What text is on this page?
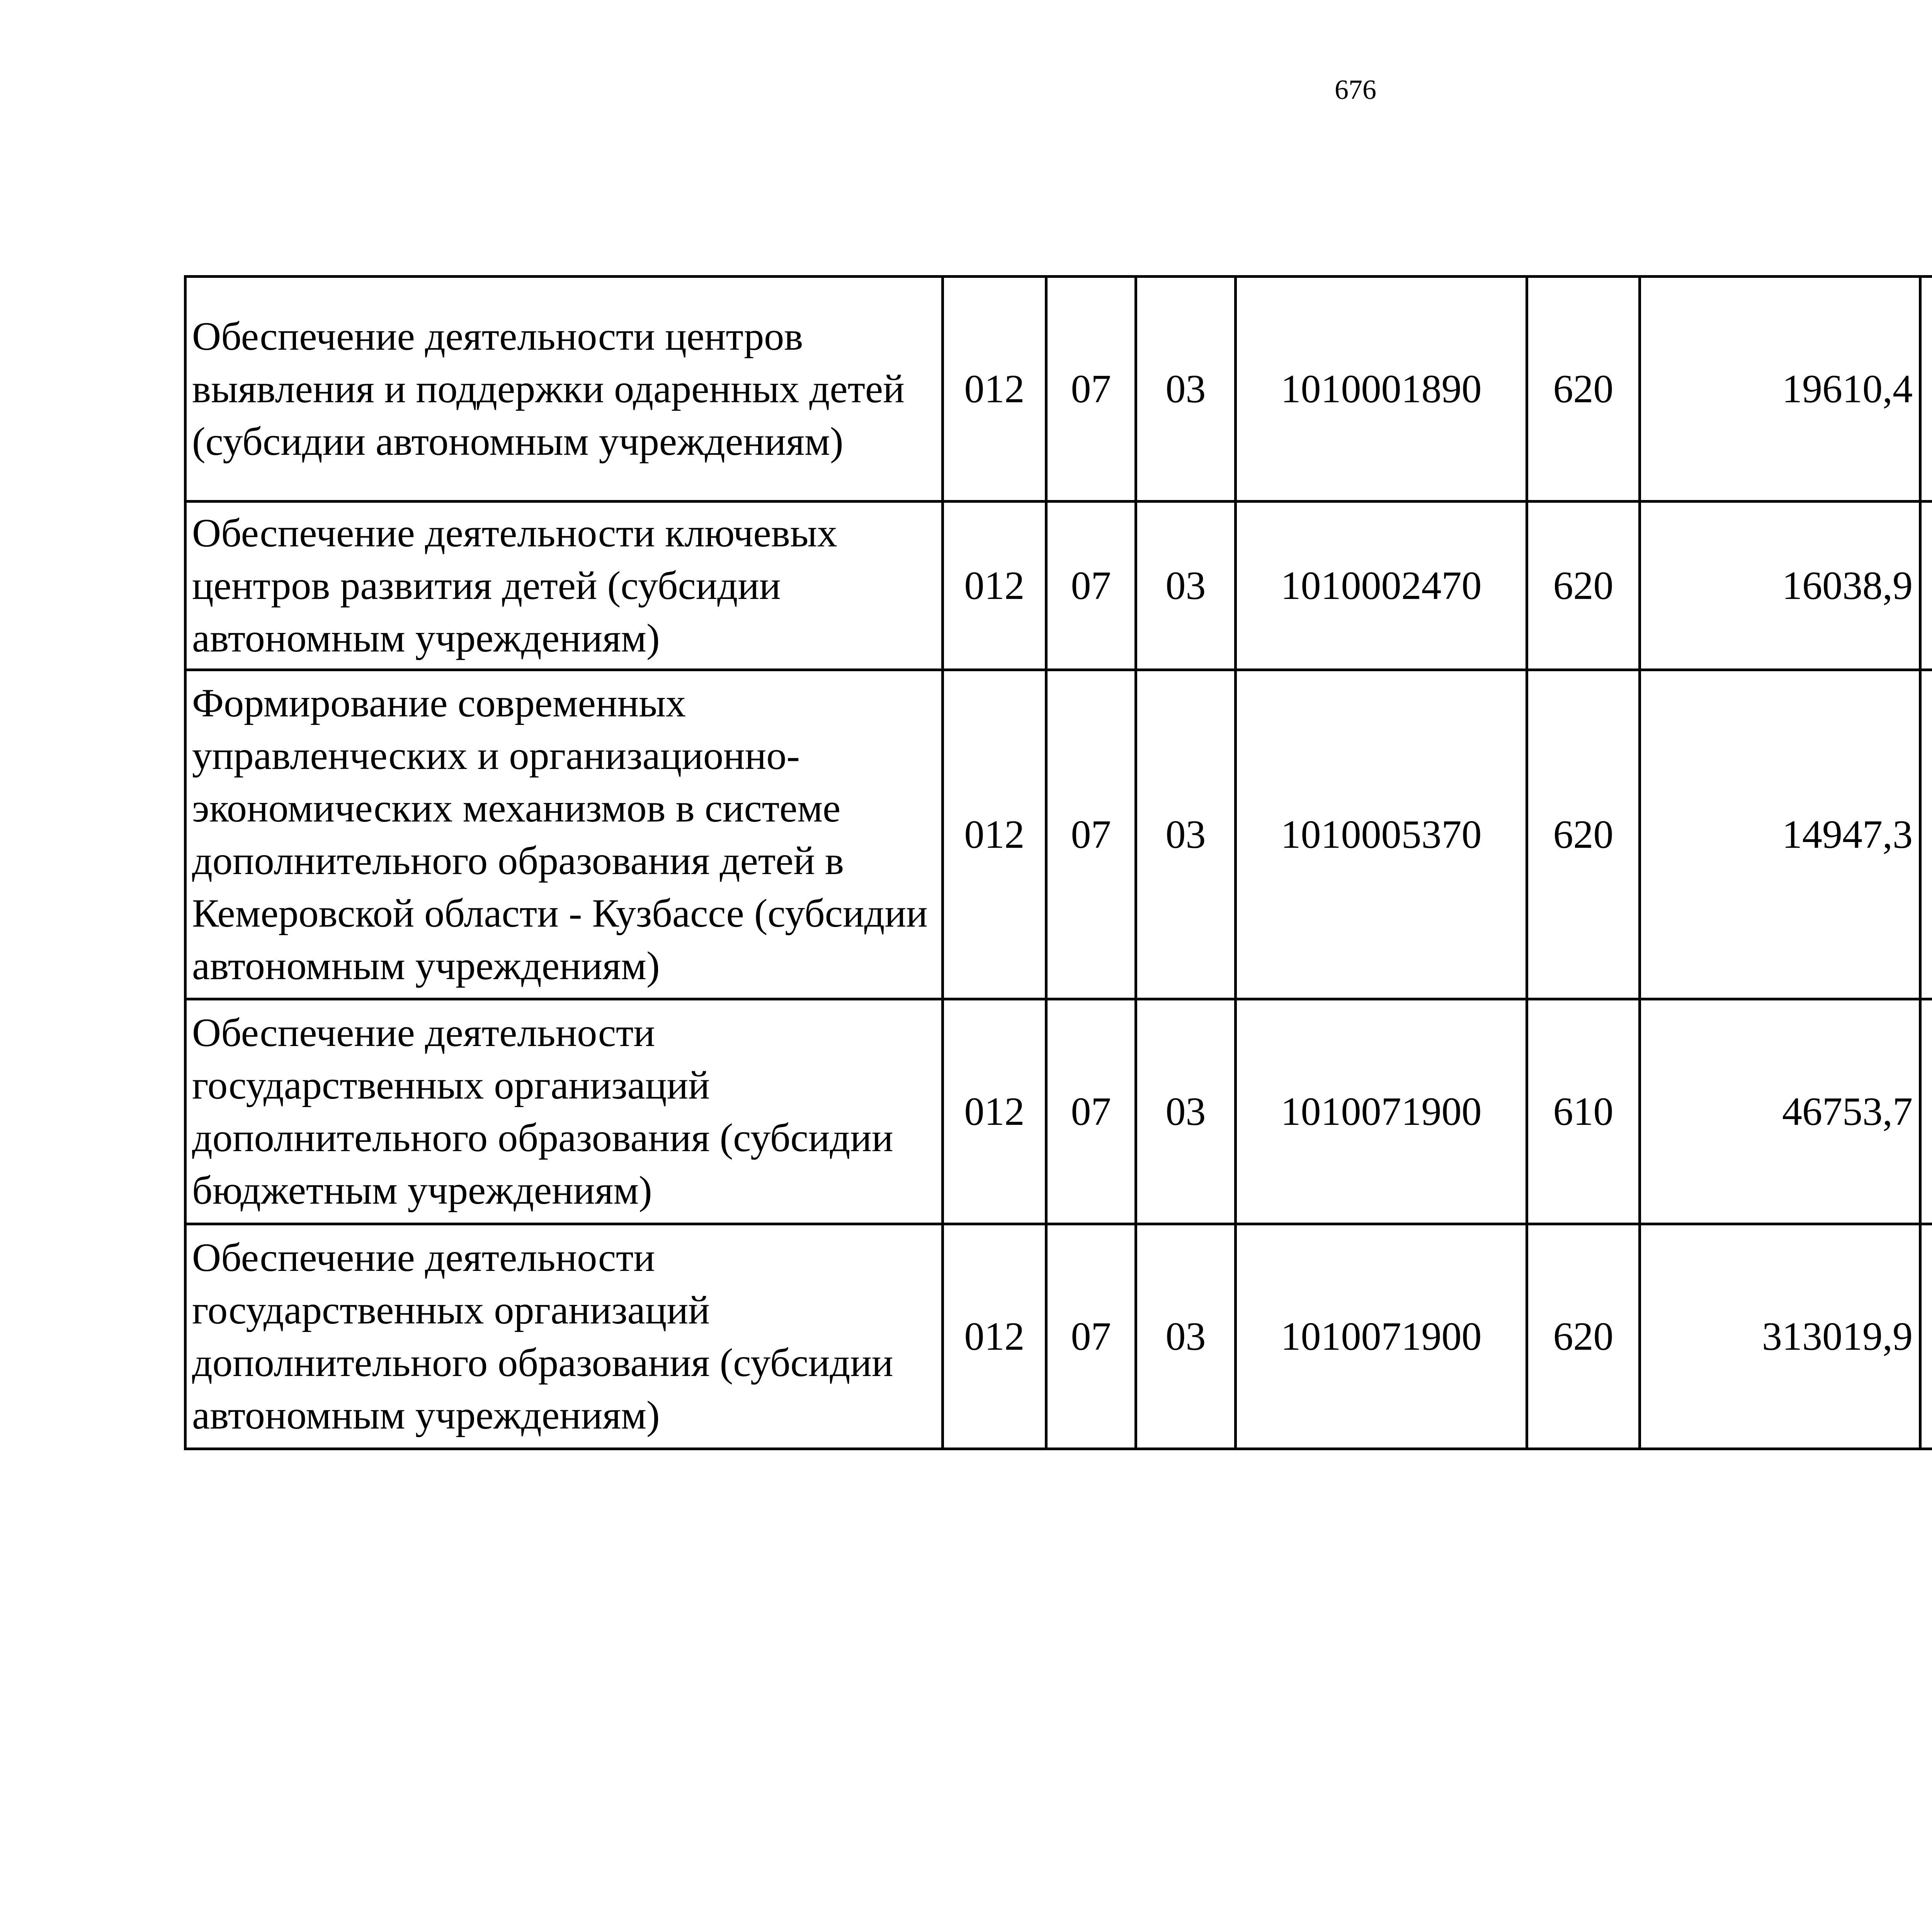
676
Обеспечение деятельности центров выявления и поддержки одаренных детей (субсидии автономным учреждениям)	012	07	03	1010001890	620	19610,4		
Обеспечение деятельности ключевых центров развития детей (субсидии автономным учреждениям)	012	07	03	1010002470	620	16038,9		
Формирование современных управленческих и организационно-экономических механизмов в системе дополнительного образования детей в Кемеровской области - Кузбассе (субсидии автономным учреждениям)	012	07	03	1010005370	620	14947,3		
Обеспечение деятельности государственных организаций дополнительного образования (субсидии бюджетным учреждениям)	012	07	03	1010071900	610	46753,7		
Обеспечение деятельности государственных организаций дополнительного образования (субсидии автономным учреждениям)	012	07	03	1010071900	620	313019,9		
